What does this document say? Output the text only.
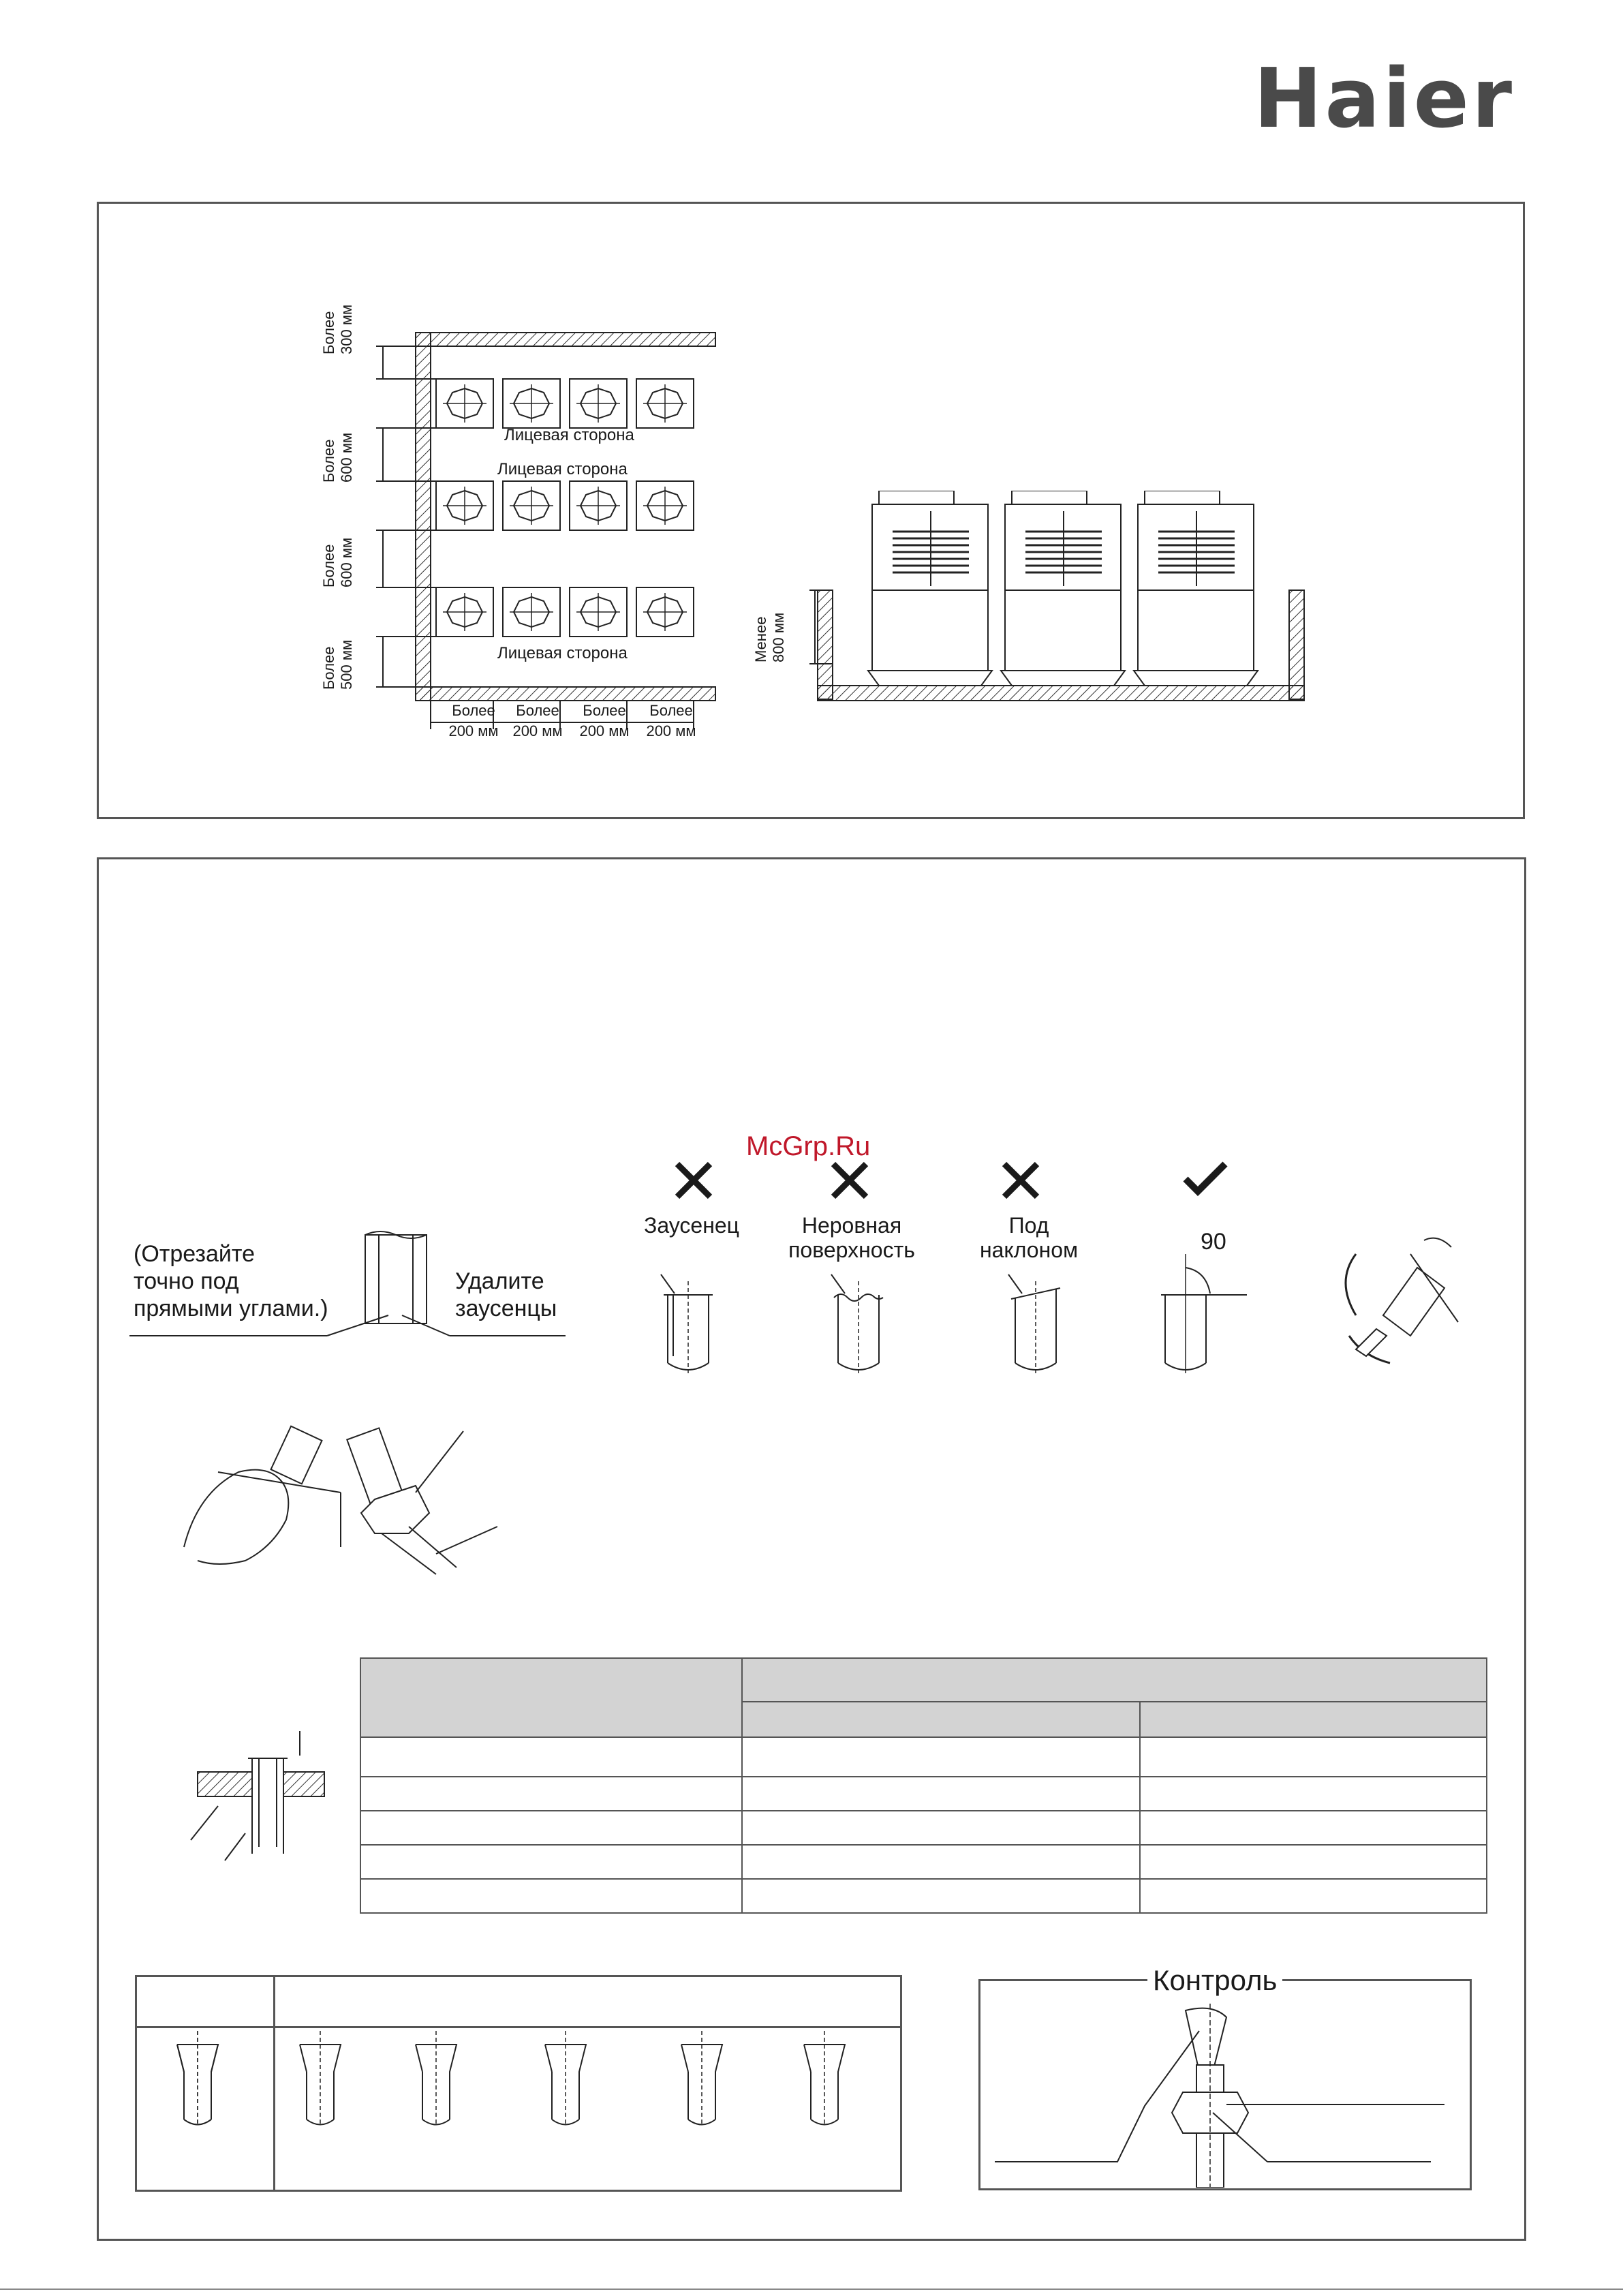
Haier
Более 300 мм
Более 600 мм
Более 600 мм
Более 500 мм
Лицевая сторона
Лицевая сторона
Лицевая сторона
Более
200 мм
Более
200 мм
Более
200 мм
Более
200 мм
Менее 800 мм
McGrp.Ru
(Отрезайте
точно под
прямыми углами.)
Удалите
заусенцы
Заусенец	Неровная
поверхность
Под
наклоном	90

Контроль
